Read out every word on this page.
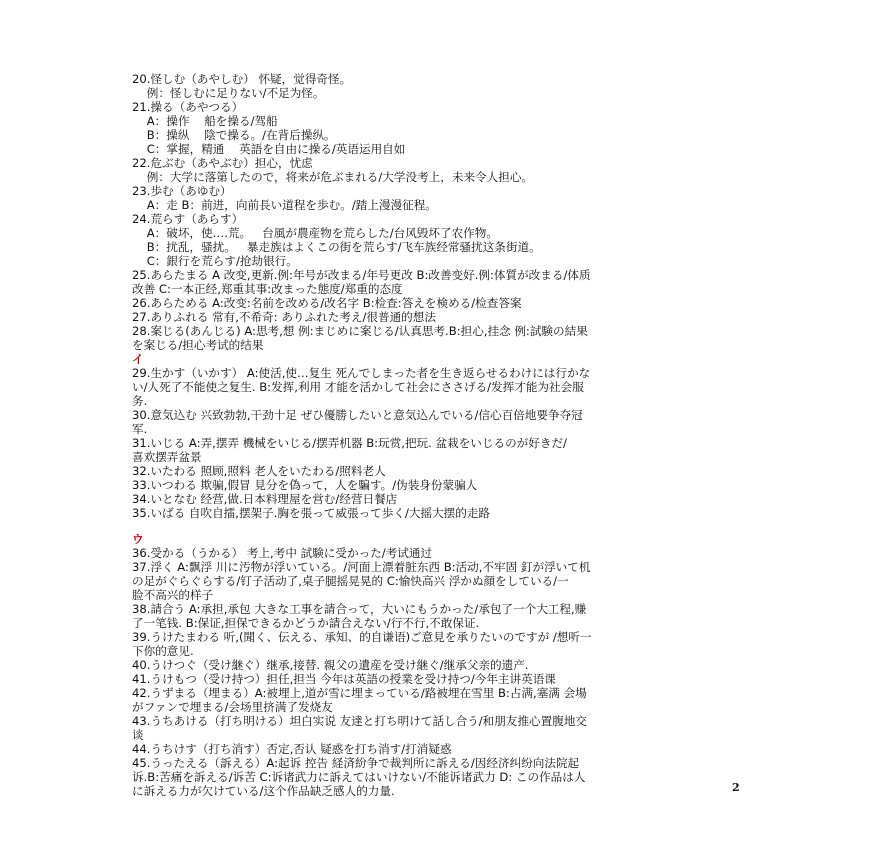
20.怪しむ（あやしむ） 怀疑，觉得奇怪。
例：怪しむに足りない/不足为怪。
21.操る（あやつる）
A：操作    船を操る/驾船
B：操纵    陰で操る。/在背后操纵。
C：掌握，精通    英語を自由に操る/英语运用自如
22.危ぶむ（あやぶむ）担心，忧虑
例：大学に落第したので，将来が危ぶまれる/大学没考上，未来令人担心。
23.歩む（あゆむ）
A：走 B：前进，向前長い道程を歩む。/踏上漫漫征程。
24.荒らす（あらす）
A：破坏，使….荒。   台風が農産物を荒らした/台风毁坏了农作物。
B：扰乱，骚扰。   暴走族はよくこの街を荒らす/飞车族经常骚扰这条街道。
C：銀行を荒らす/抢劫银行。
25.あらたまる A 改变,更新.例:年号が改まる/年号更改 B:改善变好.例:体質が改まる/体质
改善 C:一本正经,郑重其事:改まった態度/郑重的态度
26.あらためる A:改变:名前を改める/改名字 B:检查:答えを検める/检查答案
27.ありふれる 常有,不希奇: ありふれた考え/很普通的想法
28.案じる(あんじる) A:思考,想 例:まじめに案じる/认真思考.B:担心,挂念 例:試験の結果
を案じる/担心考试的结果
イ
29.生かす（いかす） A:使活,使…复生 死んでしまった者を生き返らせるわけには行かな
い/人死了不能使之复生. B:发挥,利用 才能を活かして社会にささげる/发挥才能为社会服
务.
30.意気込む 兴致勃勃,干劲十足 ぜひ優勝したいと意気込んでいる/信心百倍地要争夺冠
军.
31.いじる A:弄,摆弄 機械をいじる/摆弄机器 B:玩赏,把玩. 盆栽をいじるのが好きだ/
喜欢摆弄盆景
32.いたわる 照顾,照料 老人をいたわる/照料老人
33.いつわる 欺骗,假冒 見分を偽って，人を騙す。/伪装身份蒙骗人
34.いとなむ 经营,做.日本料理屋を営む/经营日餐店
35.いばる 自吹自擂,摆架子.胸を張って威張って歩く/大摇大摆的走路
ウ
36.受かる（うかる） 考上,考中 試験に受かった/考试通过
37.浮く A:飘浮 川に汚物が浮いている。/河面上漂着脏东西 B:活动,不牢固 釘が浮いて机
の足がぐらぐらする/钉子活动了,桌子腿摇晃晃的 C:愉快高兴 浮かぬ顔をしている/一
脸不高兴的样子
38.請合う A:承担,承包 大きな工事を請合って，大いにもうかった/承包了一个大工程,赚
了一笔钱. B:保证,担保できるかどうか請合えない/行不行,不敢保证.
39.うけたまわる 听,(聞く、伝える、承知、的自谦语)ご意見を承りたいのですが /想听一
下你的意见.
40.うけつぐ（受け継ぐ）继承,接替. 親父の遺産を受け継ぐ/继承父亲的遗产.
41.うけもつ（受け持つ）担任,担当 今年は英語の授業を受け持つ/今年主讲英语课
42.うずまる（埋まる）A:被埋上,道が雪に埋まっている/路被埋在雪里 B:占满,塞满 会場
がファンで埋まる/会场里挤满了发烧友
43.うちあける（打ち明ける）坦白实说 友達と打ち明けて話し合う/和朋友推心置腹地交
谈
44.うちけす（打ち消す）否定,否认 疑惑を打ち消す/打消疑惑
45.うったえる（訴える）A:起诉 控告 経済紛争で裁判所に訴える/因经济纠纷向法院起
诉.B:苦痛を訴える/诉苦 C:诉诸武力に訴えてはいけない/不能诉诸武力 D: この作品は人
に訴える力が欠けている/这个作品缺乏感人的力量.	2
